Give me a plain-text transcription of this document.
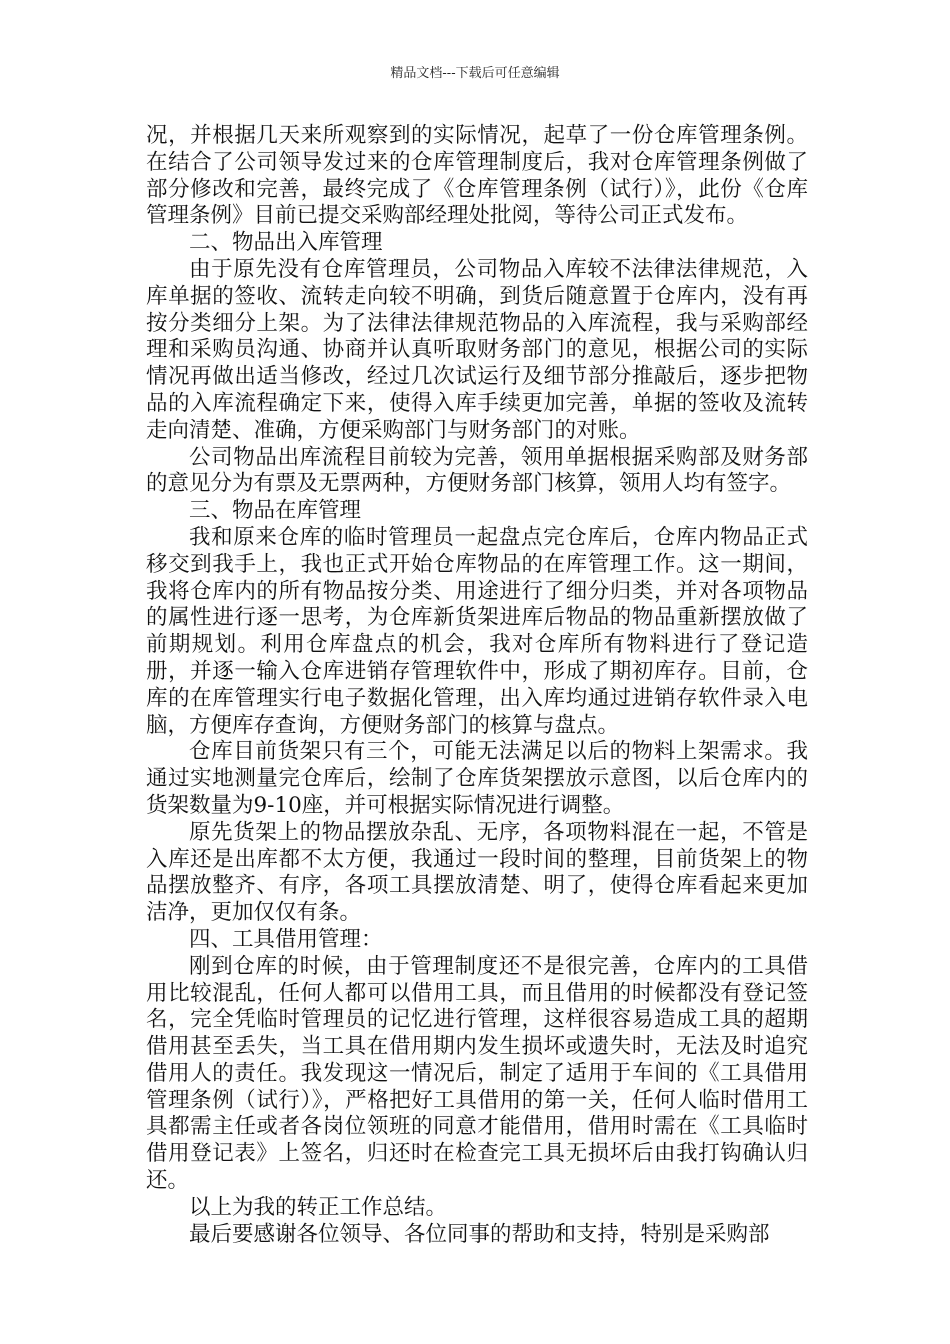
精品文档---下载后可任意编辑

况，并根据几天来所观察到的实际情况，起草了一份仓库管理条例。在结合了公司领导发过来的仓库管理制度后，我对仓库管理条例做了部分修改和完善，最终完成了《仓库管理条例（试行）》，此份《仓库管理条例》目前已提交采购部经理处批阅，等待公司正式发布。

二、物品出入库管理

由于原先没有仓库管理员，公司物品入库较不法律法律规范，入库单据的签收、流转走向较不明确，到货后随意置于仓库内，没有再按分类细分上架。为了法律法律规范物品的入库流程，我与采购部经理和采购员沟通、协商并认真听取财务部门的意见，根据公司的实际情况再做出适当修改，经过几次试运行及细节部分推敲后，逐步把物品的入库流程确定下来，使得入库手续更加完善，单据的签收及流转走向清楚、准确，方便采购部门与财务部门的对账。

公司物品出库流程目前较为完善，领用单据根据采购部及财务部的意见分为有票及无票两种，方便财务部门核算，领用人均有签字。

三、物品在库管理

我和原来仓库的临时管理员一起盘点完仓库后，仓库内物品正式移交到我手上，我也正式开始仓库物品的在库管理工作。这一期间，我将仓库内的所有物品按分类、用途进行了细分归类，并对各项物品的属性进行逐一思考，为仓库新货架进库后物品的物品重新摆放做了前期规划。利用仓库盘点的机会，我对仓库所有物料进行了登记造册，并逐一输入仓库进销存管理软件中，形成了期初库存。目前，仓库的在库管理实行电子数据化管理，出入库均通过进销存软件录入电脑，方便库存查询，方便财务部门的核算与盘点。

仓库目前货架只有三个，可能无法满足以后的物料上架需求。我通过实地测量完仓库后，绘制了仓库货架摆放示意图，以后仓库内的货架数量为9-10座，并可根据实际情况进行调整。

原先货架上的物品摆放杂乱、无序，各项物料混在一起，不管是入库还是出库都不太方便，我通过一段时间的整理，目前货架上的物品摆放整齐、有序，各项工具摆放清楚、明了，使得仓库看起来更加洁净，更加仅仅有条。

四、工具借用管理：

刚到仓库的时候，由于管理制度还不是很完善，仓库内的工具借用比较混乱，任何人都可以借用工具，而且借用的时候都没有登记签名，完全凭临时管理员的记忆进行管理，这样很容易造成工具的超期借用甚至丢失，当工具在借用期内发生损坏或遗失时，无法及时追究借用人的责任。我发现这一情况后，制定了适用于车间的《工具借用管理条例（试行）》，严格把好工具借用的第一关，任何人临时借用工具都需主任或者各岗位领班的同意才能借用，借用时需在《工具临时借用登记表》上签名，归还时在检查完工具无损坏后由我打钩确认归还。

以上为我的转正工作总结。

最后要感谢各位领导、各位同事的帮助和支持，特别是采购部
